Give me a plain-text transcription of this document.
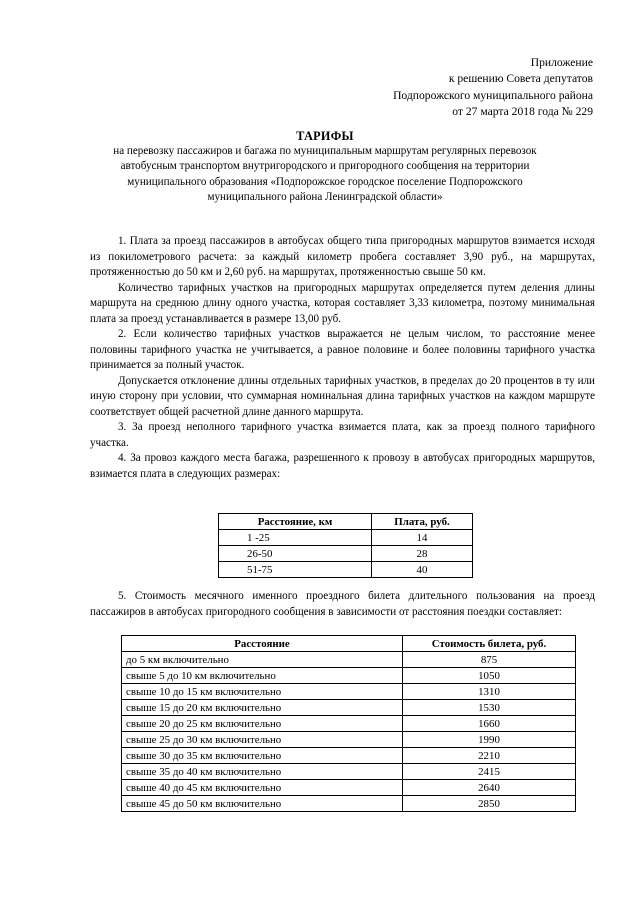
Приложение
к решению Совета депутатов
Подпорожского муниципального района
от 27 марта 2018 года № 229
ТАРИФЫ
на перевозку пассажиров и багажа по муниципальным маршрутам регулярных перевозок
автобусным транспортом внутригородского и пригородного сообщения на территории
муниципального образования «Подпорожское городское поселение Подпорожского
муниципального района Ленинградской области»

1. Плата за проезд пассажиров в автобусах общего типа пригородных маршрутов взимается исходя из покилометрового расчета: за каждый километр пробега составляет 3,90 руб., на маршрутах, протяженностью до 50 км и 2,60 руб. на маршрутах, протяженностью свыше 50 км.

Количество тарифных участков на пригородных маршрутах определяется путем деления длины маршрута на среднюю длину одного участка, которая составляет 3,33 километра, поэтому минимальная плата за проезд устанавливается в размере 13,00 руб.

2. Если количество тарифных участков выражается не целым числом, то расстояние менее половины тарифного участка не учитывается, а равное половине и более половины тарифного участка принимается за полный участок.

Допускается отклонение длины отдельных тарифных участков, в пределах до 20 процентов в ту или иную сторону при условии, что суммарная номинальная длина тарифных участков на каждом маршруте соответствует общей расчетной длине данного маршрута.

3. За проезд неполного тарифного участка взимается плата, как за проезд полного тарифного участка.

4. За провоз каждого места багажа, разрешенного к провозу в автобусах пригородных маршрутов, взимается плата в следующих размерах:

Расстояние, км	Плата, руб.
1 -25	14
26-50	28
51-75	40

5. Стоимость месячного именного проездного билета длительного пользования на проезд пассажиров в автобусах пригородного сообщения в зависимости от расстояния поездки составляет:

Расстояние	Стоимость билета, руб.
до 5 км включительно	875
свыше 5 до 10 км включительно	1050
свыше 10 до 15 км включительно	1310
свыше 15 до 20 км включительно	1530
свыше 20 до 25 км включительно	1660
свыше 25 до 30 км включительно	1990
свыше 30 до 35 км включительно	2210
свыше 35 до 40 км включительно	2415
свыше 40 до 45 км включительно	2640
свыше 45 до 50 км включительно	2850
